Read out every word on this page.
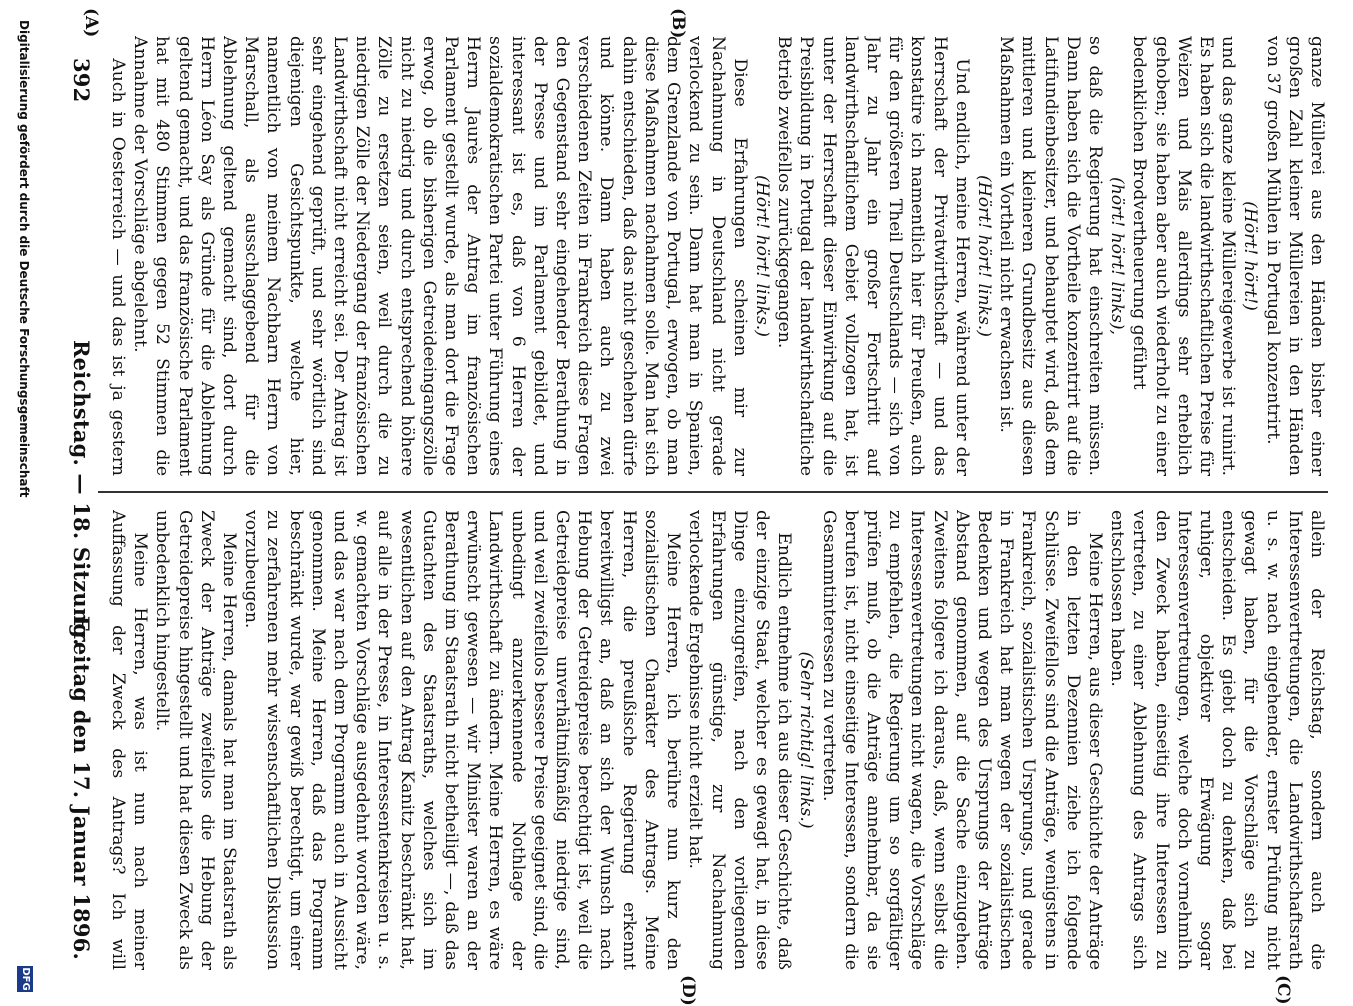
392
Reichstag. — 18. Sitzung.
Freitag den 17. Januar 1896.
(A)	(B)
(C)
(D)

ganze Müllerei aus den Händen bisher einer großen Zahl kleiner Müllereien in den Händen von 37 großen Mühlen in Portugal konzentrirt.

(Hört! hört!)

und das ganze kleine Müllereigewerbe ist ruinirt. Es haben sich die landwirthschaftlichen Preise für Weizen und Mais allerdings sehr erheblich gehoben; sie haben aber auch wiederholt zu einer bedenklichen Brodvertheuerung geführt

(hört! hört! links),

so daß die Regierung hat einschreiten müssen. Dann haben sich die Vortheile konzentrirt auf die Latifundienbesitzer, und behauptet wird, daß dem mittleren und kleineren Grundbesitz aus diesen Maßnahmen ein Vortheil nicht erwachsen ist.

(Hört! hört! links.)

Und endlich, meine Herren, während unter der Herrschaft der Privatwirthschaft — und das konstatire ich namentlich hier für Preußen, auch für den größeren Theil Deutschlands — sich von Jahr zu Jahr ein großer Fortschritt auf landwirthschaftlichem Gebiet vollzogen hat, ist unter der Herrschaft dieser Einwirkung auf die Preisbildung in Portugal der landwirthschaftliche Betrieb zweifellos zurückgegangen.

(Hört! hört! links.)

Diese Erfahrungen scheinen mir zur Nachahmung in Deutschland nicht gerade verlockend zu sein. Dann hat man in Spanien, dem Grenzlande von Portugal, erwogen, ob man diese Maßnahmen nachahmen solle. Man hat sich dahin entschieden, daß das nicht geschehen dürfe und könne. Dann haben auch zu zwei verschiedenen Zeiten in Frankreich diese Fragen den Gegenstand sehr eingehender Berathung in der Presse und im Parlament gebildet, und interessant ist es, daß von 6 Herren der sozialdemokratischen Partei unter Führung eines Herrn Jaurès der Antrag im französischen Parlament gestellt wurde, als man dort die Frage erwog, ob die bisherigen Getreideeingangszölle nicht zu niedrig und durch entsprechend höhere Zölle zu ersetzen seien, weil durch die zu niedrigen Zölle der Niedergang der französischen Landwirthschaft nicht erreicht sei. Der Antrag ist sehr eingehend geprüft, und sehr wörtlich sind diejenigen Gesichtspunkte, welche hier, namentlich von meinem Nachbarn Herrn von Marschall, als ausschlaggebend für die Ablehnung geltend gemacht sind, dort durch Herrn Léon Say als Gründe für die Ablehnung geltend gemacht, und das französische Parlament hat mit 480 Stimmen gegen 52 Stimmen die Annahme der Vorschläge abgelehnt.

Auch in Oesterreich — und das ist ja gestern

allein der Reichstag, sondern auch die Interessenvertretungen, die Landwirthschaftsrath u. s. w. nach eingehender, ernster Prüfung nicht gewagt haben, für die Vorschläge sich zu entscheiden. Es giebt doch zu denken, daß bei ruhiger, objektiver Erwägung sogar Interessenvertretungen, welche doch vornehmlich den Zweck haben, einseitig ihre Interessen zu vertreten, zu einer Ablehnung des Antrags sich entschlossen haben.

Meine Herren, aus dieser Geschichte der Anträge in den letzten Dezennien ziehe ich folgende Schlüsse. Zweifellos sind die Anträge, wenigstens in Frankreich, sozialistischen Ursprungs, und gerade in Frankreich hat man wegen der sozialistischen Bedenken und wegen des Ursprungs der Anträge Abstand genommen, auf die Sache einzugehen. Zweitens folgere ich daraus, daß, wenn selbst die Interessenvertretungen nicht wagen, die Vorschläge zu empfehlen, die Regierung um so sorgfältiger prüfen muß, ob die Anträge annehmbar, da sie berufen ist, nicht einseitige Interessen, sondern die Gesammtinteressen zu vertreten.

(Sehr richtig! links.)

Endlich entnehme ich aus dieser Geschichte, daß der einzige Staat, welcher es gewagt hat, in diese Dinge einzugreifen, nach den vorliegenden Erfahrungen günstige, zur Nachahmung verlockende Ergebnisse nicht erzielt hat.

Meine Herren, ich berühre nun kurz den sozialistischen Charakter des Antrags. Meine Herren, die preußische Regierung erkennt bereitwilligst an, daß an sich der Wunsch nach Hebung der Getreidepreise berechtigt ist, weil die Getreidepreise unverhältnißmäßig niedrige sind, und weil zweifellos bessere Preise geeignet sind, die unbedingt anzuerkennende Nothlage der Landwirthschaft zu ändern. Meine Herren, es wäre erwünscht gewesen — wir Minister waren an der Berathung im Staatsrath nicht betheiligt —, daß das Gutachten des Staatsraths, welches sich im wesentlichen auf den Antrag Kanitz beschränkt hat, auf alle in der Presse, in Interessentenkreisen u. s. w. gemachten Vorschläge ausgedehnt worden wäre, und das war nach dem Programm auch in Aussicht genommen. Meine Herren, daß das Programm beschränkt wurde, war gewiß berechtigt, um einer zu zerfahrenen mehr wissenschaftlichen Diskussion vorzubeugen.

Meine Herren, damals hat man im Staatsrath als Zweck der Anträge zweifellos die Hebung der Getreidepreise hingestellt und hat diesen Zweck als unbedenklich hingestellt.

Meine Herren, was ist nun nach meiner Auffassung der Zweck des Antrags? Ich will

Digitalisierung gefördert durch die Deutsche Forschungsgemeinschaft
DFG
